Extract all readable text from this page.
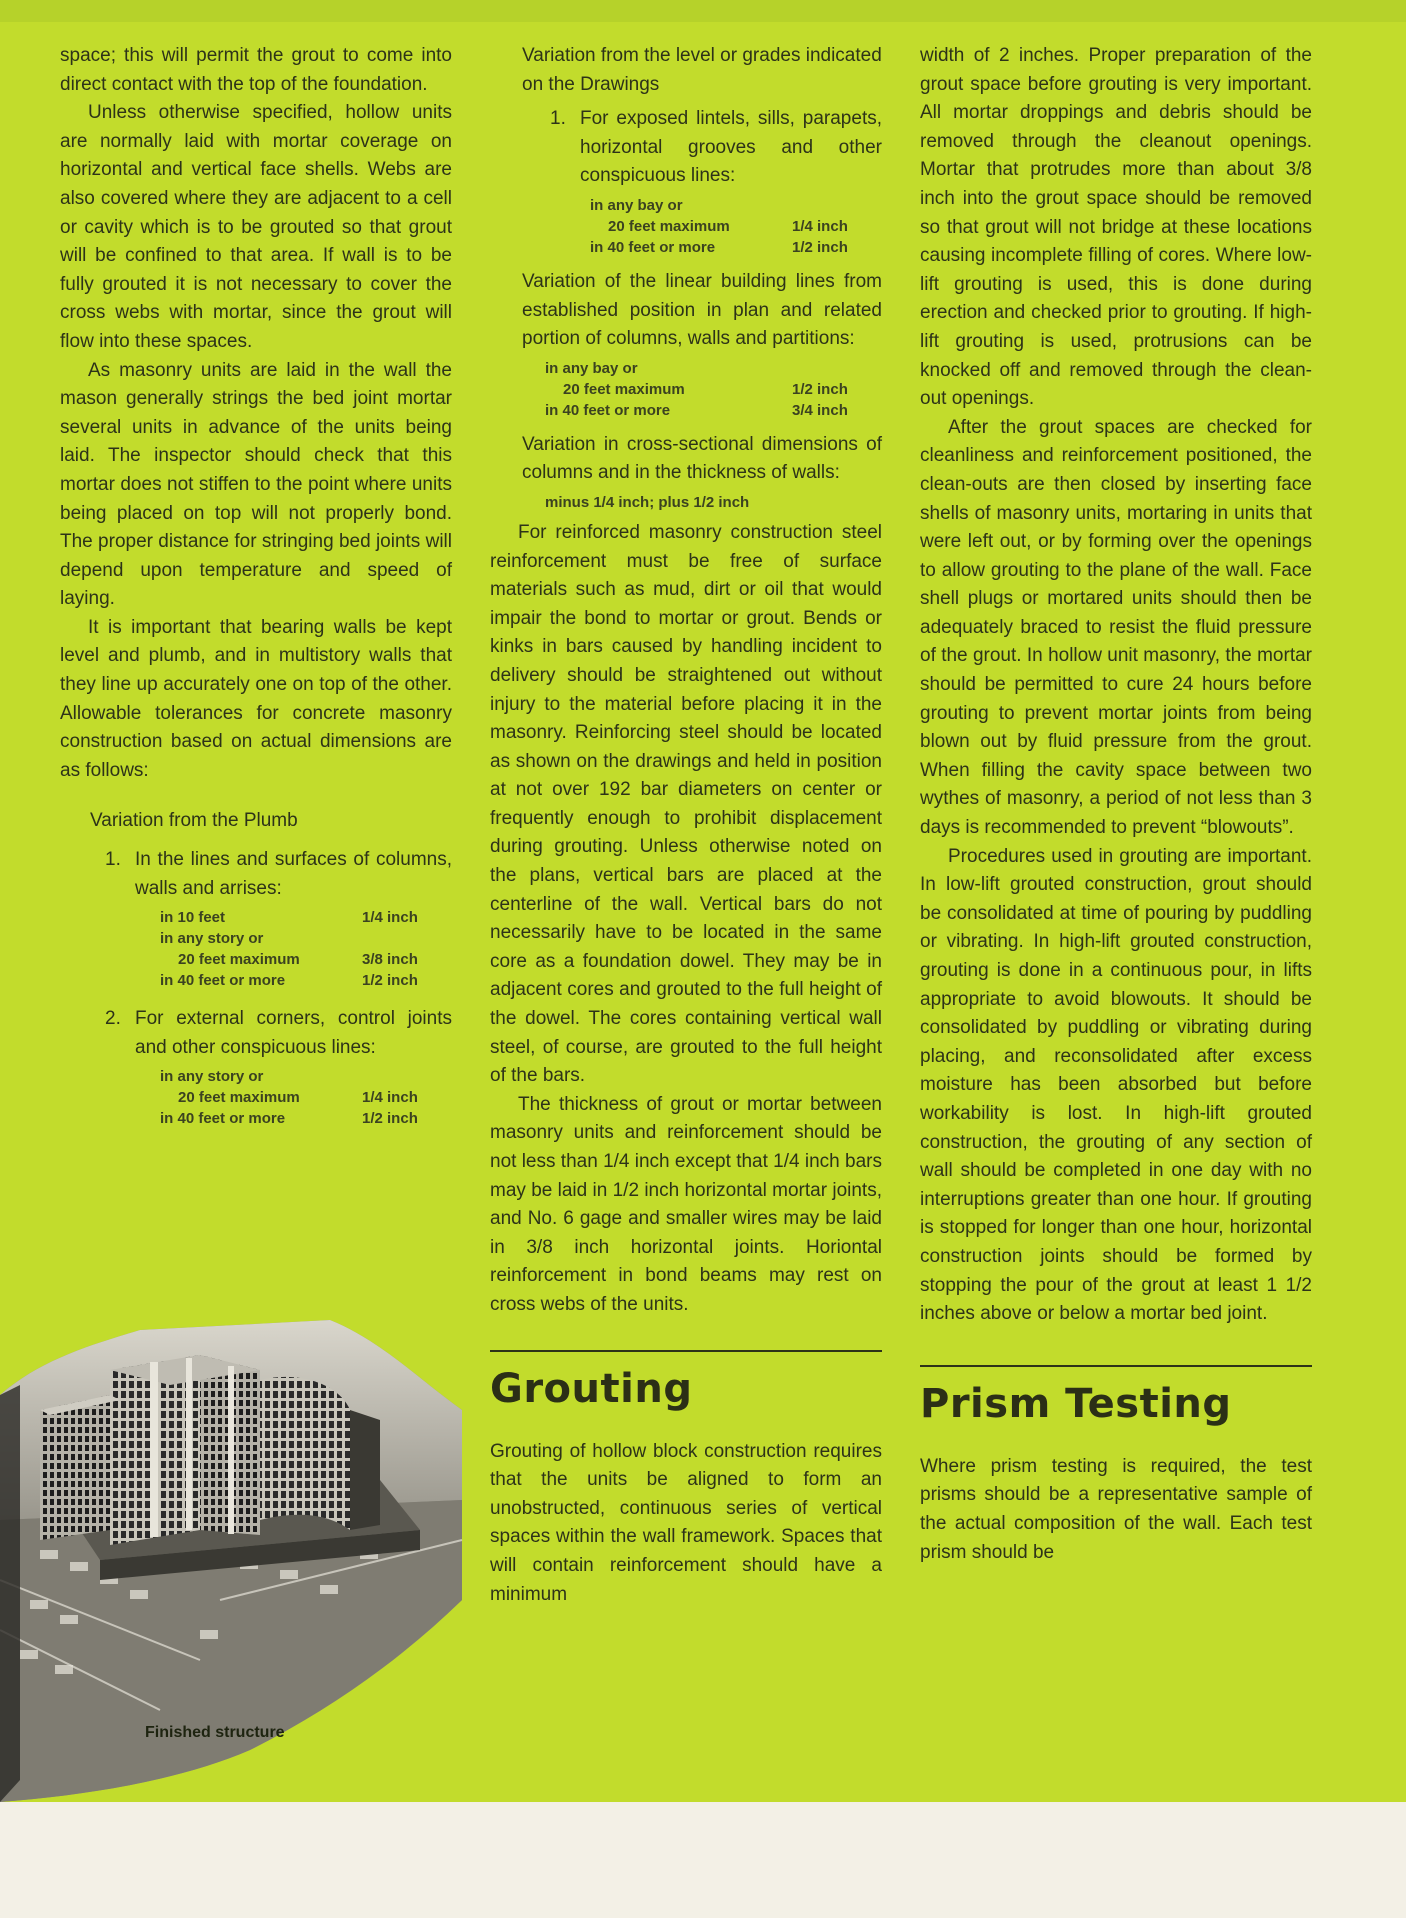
Finished structure

space; this will permit the grout to come into direct contact with the top of the foundation.

Unless otherwise specified, hollow units are normally laid with mortar coverage on horizontal and vertical face shells. Webs are also covered where they are adjacent to a cell or cavity which is to be grouted so that grout will be confined to that area. If wall is to be fully grouted it is not necessary to cover the cross webs with mortar, since the grout will flow into these spaces.

As masonry units are laid in the wall the mason generally strings the bed joint mortar several units in advance of the units being laid. The inspector should check that this mortar does not stiffen to the point where units being placed on top will not properly bond. The proper distance for stringing bed joints will depend upon temperature and speed of laying.

It is important that bearing walls be kept level and plumb, and in multistory walls that they line up accurately one on top of the other. Allowable tolerances for concrete masonry construction based on actual dimensions are as follows:

Variation from the Plumb
1. In the lines and surfaces of columns, walls and arrises:
in 10 feet	1/4 inch
in any story or
20 feet maximum	3/8 inch
in 40 feet or more	1/2 inch
2. For external corners, control joints and other conspicuous lines:
in any story or
20 feet maximum	1/4 inch
in 40 feet or more	1/2 inch

Variation from the level or grades indicated on the Drawings

1. For exposed lintels, sills, parapets, horizontal grooves and other conspicuous lines:
in any bay or
20 feet maximum	1/4 inch
in 40 feet or more	1/2 inch

Variation of the linear building lines from established position in plan and related portion of columns, walls and partitions:

in any bay or
20 feet maximum	1/2 inch
in 40 feet or more	3/4 inch

Variation in cross-sectional dimensions of columns and in the thickness of walls:

minus 1/4 inch; plus 1/2 inch

For reinforced masonry construction steel reinforcement must be free of surface materials such as mud, dirt or oil that would impair the bond to mortar or grout. Bends or kinks in bars caused by handling incident to delivery should be straightened out without injury to the material before placing it in the masonry. Reinforcing steel should be located as shown on the drawings and held in position at not over 192 bar diameters on center or frequently enough to prohibit displacement during grouting. Unless otherwise noted on the plans, vertical bars are placed at the centerline of the wall. Vertical bars do not necessarily have to be located in the same core as a foundation dowel. They may be in adjacent cores and grouted to the full height of the dowel. The cores containing vertical wall steel, of course, are grouted to the full height of the bars.

The thickness of grout or mortar between masonry units and reinforcement should be not less than 1/4 inch except that 1/4 inch bars may be laid in 1/2 inch horizontal mortar joints, and No. 6 gage and smaller wires may be laid in 3/8 inch horizontal joints. Horiontal reinforcement in bond beams may rest on cross webs of the units.

Grouting

Grouting of hollow block construction requires that the units be aligned to form an unobstructed, continuous series of vertical spaces within the wall framework. Spaces that will contain reinforcement should have a minimum

width of 2 inches. Proper preparation of the grout space before grouting is very important. All mortar droppings and debris should be removed through the cleanout openings. Mortar that protrudes more than about 3/8 inch into the grout space should be removed so that grout will not bridge at these locations causing incomplete filling of cores. Where low-lift grouting is used, this is done during erection and checked prior to grouting. If high-lift grouting is used, protrusions can be knocked off and removed through the clean-out openings.

After the grout spaces are checked for cleanliness and reinforcement positioned, the clean-outs are then closed by inserting face shells of masonry units, mortaring in units that were left out, or by forming over the openings to allow grouting to the plane of the wall. Face shell plugs or mortared units should then be adequately braced to resist the fluid pressure of the grout. In hollow unit masonry, the mortar should be permitted to cure 24 hours before grouting to prevent mortar joints from being blown out by fluid pressure from the grout. When filling the cavity space between two wythes of masonry, a period of not less than 3 days is recommended to prevent “blowouts”.

Procedures used in grouting are important. In low-lift grouted construction, grout should be consolidated at time of pouring by puddling or vibrating. In high-lift grouted construction, grouting is done in a continuous pour, in lifts appropriate to avoid blowouts. It should be consolidated by puddling or vibrating during placing, and reconsolidated after excess moisture has been absorbed but before workability is lost. In high-lift grouted construction, the grouting of any section of wall should be completed in one day with no interruptions greater than one hour. If grouting is stopped for longer than one hour, horizontal construction joints should be formed by stopping the pour of the grout at least 1 1/2 inches above or below a mortar bed joint.

Prism Testing

Where prism testing is required, the test prisms should be a representative sample of the actual composition of the wall. Each test prism should be
